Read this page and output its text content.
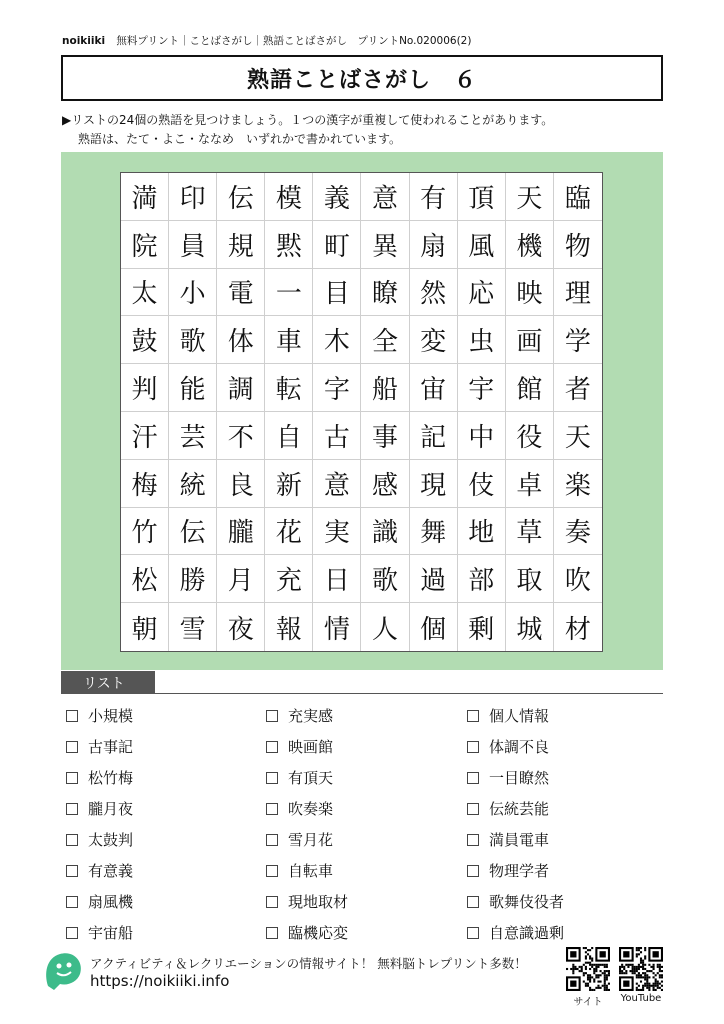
noikiiki 無料プリント｜ことばさがし｜熟語ことばさがし　プリントNo.020006(2)
熟語ことばさがし　６
▶リストの24個の熟語を見つけましょう。１つの漢字が重複して使われることがあります。
熟語は、たて・よこ・ななめ　いずれかで書かれています。
満 印 伝 模 義 意 有 頂 天 臨
院 員 規 黙 町 異 扇 風 機 物
太 小 電 一 目 瞭 然 応 映 理
鼓 歌 体 車 木 全 変 虫 画 学
判 能 調 転 字 船 宙 宇 館 者
汗 芸 不 自 古 事 記 中 役 天
梅 統 良 新 意 感 現 伎 卓 楽
竹 伝 朧 花 実 識 舞 地 草 奏
松 勝 月 充 日 歌 過 部 取 吹
朝 雪 夜 報 情 人 個 剰 城 材
リスト
小規模
古事記
松竹梅
朧月夜
太鼓判
有意義
扇風機
宇宙船
充実感
映画館
有頂天
吹奏楽
雪月花
自転車
現地取材
臨機応変
個人情報
体調不良
一目瞭然
伝統芸能
満員電車
物理学者
歌舞伎役者
自意識過剰
アクティビティ＆レクリエーションの情報サイト！ 無料脳トレプリント多数！
https://noikiiki.info
サイト	YouTube
